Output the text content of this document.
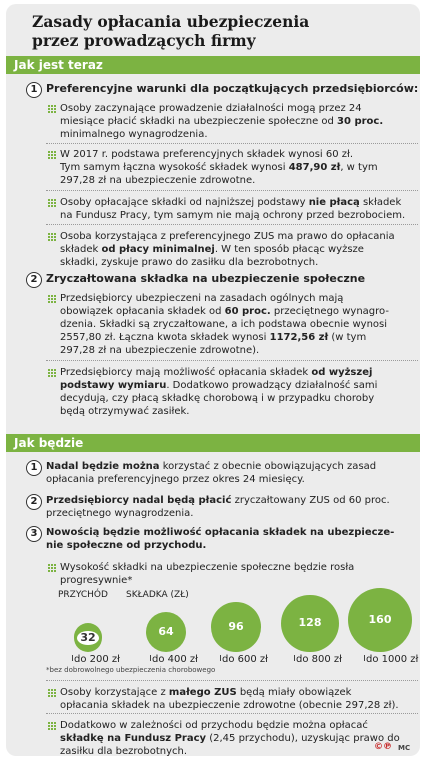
Zasady opłacania ubezpieczenia
przez prowadzących firmy
Jak jest teraz
1 Preferencyjne warunki dla początkujących przedsiębiorców:
Osoby zaczynające prowadzenie działalności mogą przez 24
miesiące płacić składki na ubezpieczenie społeczne od 30 proc.
minimalnego wynagrodzenia.
W 2017 r. podstawa preferencyjnych składek wynosi 60 zł.
Tym samym łączna wysokość składek wynosi 487,90 zł, w tym
297,28 zł na ubezpieczenie zdrowotne.
Osoby opłacające składki od najniższej podstawy nie płacą składek
na Fundusz Pracy, tym samym nie mają ochrony przed bezrobociem.
Osoba korzystająca z preferencyjnego ZUS ma prawo do opłacania
składek od płacy minimalnej. W ten sposób płacąc wyższe
składki, zyskuje prawo do zasiłku dla bezrobotnych.
2 Zryczałtowana składka na ubezpieczenie społeczne
Przedsiębiorcy ubezpieczeni na zasadach ogólnych mają
obowiązek opłacania składek od 60 proc. przeciętnego wynagro-
dzenia. Składki są zryczałtowane, a ich podstawa obecnie wynosi
2557,80 zł. Łączna kwota składek wynosi 1172,56 zł (w tym
297,28 zł na ubezpieczenie zdrowotne).
Przedsiębiorcy mają możliwość opłacania składek od wyższej
podstawy wymiaru. Dodatkowo prowadzący działalność sami
decydują, czy płacą składkę chorobową i w przypadku choroby
będą otrzymywać zasiłek.
Jak będzie
1 Nadal będzie można korzystać z obecnie obowiązujących zasad
opłacania preferencyjnego przez okres 24 miesięcy.
2 Przedsiębiorcy nadal będą płacić zryczałtowany ZUS od 60 proc.
przeciętnego wynagrodzenia.
3 Nowością będzie możliwość opłacania składek na ubezpiecze-
nie społeczne od przychodu.
Wysokość składki na ubezpieczenie społeczne będzie rosła
progresywnie*
PRZYCHÓD SKŁADKA (ZŁ)
*bez dobrowolnego ubezpieczenia chorobowego
Osoby korzystające z małego ZUS będą miały obowiązek
opłacania składek na ubezpieczenie zdrowotne (obecnie 297,28 zł).
Dodatkowo w zależności od przychodu będzie można opłacać
składkę na Fundusz Pracy (2,45 przychodu), uzyskując prawo do
zasiłku dla bezrobotnych.	©℗ MC
32
do 200 zł
64
do 400 zł
96
do 600 zł
128
do 800 zł
160
do 1000 zł
